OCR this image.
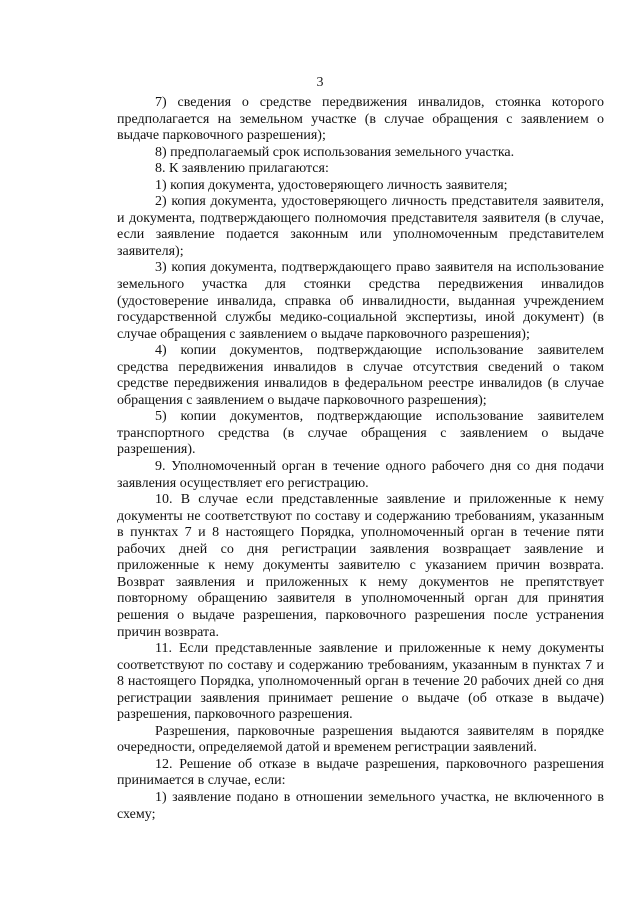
3

7) сведения о средстве передвижения инвалидов, стоянка которого предполагается на земельном участке (в случае обращения с заявлением о выдаче парковочного разрешения);

8) предполагаемый срок использования земельного участка.

8. К заявлению прилагаются:

1) копия документа, удостоверяющего личность заявителя;

2) копия документа, удостоверяющего личность представителя заявителя, и документа, подтверждающего полномочия представителя заявителя (в случае, если заявление подается законным или уполномоченным представителем заявителя);

3) копия документа, подтверждающего право заявителя на использование земельного участка для стоянки средства передвижения инвалидов (удостоверение инвалида, справка об инвалидности, выданная учреждением государственной службы медико-социальной экспертизы, иной документ) (в случае обращения с заявлением о выдаче парковочного разрешения);

4) копии документов, подтверждающие использование заявителем средства передвижения инвалидов в случае отсутствия сведений о таком средстве передвижения инвалидов в федеральном реестре инвалидов (в случае обращения с заявлением о выдаче парковочного разрешения);

5) копии документов, подтверждающие использование заявителем транспортного средства (в случае обращения с заявлением о выдаче разрешения).

9. Уполномоченный орган в течение одного рабочего дня со дня подачи заявления осуществляет его регистрацию.

10. В случае если представленные заявление и приложенные к нему документы не соответствуют по составу и содержанию требованиям, указанным в пунктах 7 и 8 настоящего Порядка, уполномоченный орган в течение пяти рабочих дней со дня регистрации заявления возвращает заявление и приложенные к нему документы заявителю с указанием причин возврата. Возврат заявления и приложенных к нему документов не препятствует повторному обращению заявителя в уполномоченный орган для принятия решения о выдаче разрешения, парковочного разрешения после устранения причин возврата.

11. Если представленные заявление и приложенные к нему документы соответствуют по составу и содержанию требованиям, указанным в пунктах 7 и 8 настоящего Порядка, уполномоченный орган в течение 20 рабочих дней со дня регистрации заявления принимает решение о выдаче (об отказе в выдаче) разрешения, парковочного разрешения.

Разрешения, парковочные разрешения выдаются заявителям в порядке очередности, определяемой датой и временем регистрации заявлений.

12. Решение об отказе в выдаче разрешения, парковочного разрешения принимается в случае, если:

1) заявление подано в отношении земельного участка, не включенного в схему;
